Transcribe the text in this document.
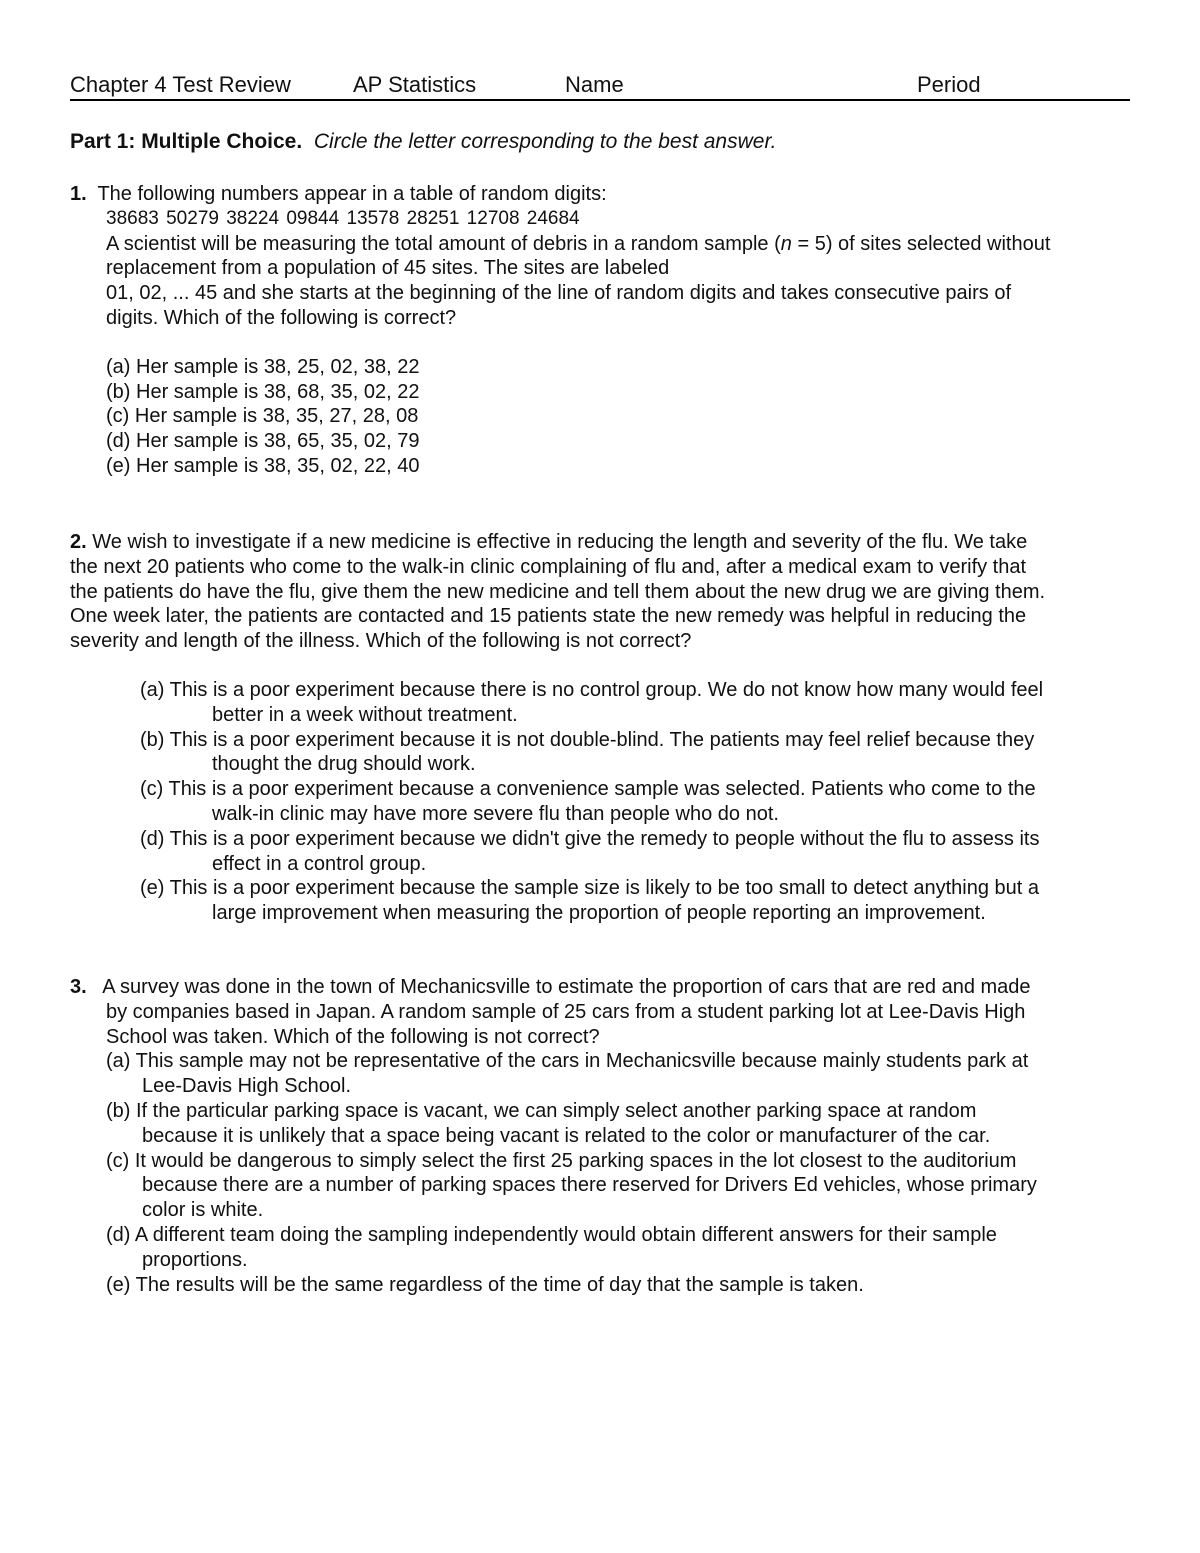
Chapter 4 Test Review	AP Statistics	Name	Period
Part 1: Multiple Choice. Circle the letter corresponding to the best answer.
1. The following numbers appear in a table of random digits:
38683 50279 38224 09844 13578 28251 12708 24684
A scientist will be measuring the total amount of debris in a random sample (n = 5) of sites selected without
replacement from a population of 45 sites. The sites are labeled
01, 02, ... 45 and she starts at the beginning of the line of random digits and takes consecutive pairs of
digits. Which of the following is correct?
(a) Her sample is 38, 25, 02, 38, 22
(b) Her sample is 38, 68, 35, 02, 22
(c) Her sample is 38, 35, 27, 28, 08
(d) Her sample is 38, 65, 35, 02, 79
(e) Her sample is 38, 35, 02, 22, 40
2. We wish to investigate if a new medicine is effective in reducing the length and severity of the flu. We take
the next 20 patients who come to the walk-in clinic complaining of flu and, after a medical exam to verify that
the patients do have the flu, give them the new medicine and tell them about the new drug we are giving them.
One week later, the patients are contacted and 15 patients state the new remedy was helpful in reducing the
severity and length of the illness. Which of the following is not correct?
(a) This is a poor experiment because there is no control group. We do not know how many would feel
better in a week without treatment.
(b) This is a poor experiment because it is not double-blind. The patients may feel relief because they
thought the drug should work.
(c) This is a poor experiment because a convenience sample was selected. Patients who come to the
walk-in clinic may have more severe flu than people who do not.
(d) This is a poor experiment because we didn't give the remedy to people without the flu to assess its
effect in a control group.
(e) This is a poor experiment because the sample size is likely to be too small to detect anything but a
large improvement when measuring the proportion of people reporting an improvement.
3. A survey was done in the town of Mechanicsville to estimate the proportion of cars that are red and made
by companies based in Japan. A random sample of 25 cars from a student parking lot at Lee-Davis High
School was taken. Which of the following is not correct?
(a) This sample may not be representative of the cars in Mechanicsville because mainly students park at
Lee-Davis High School.
(b) If the particular parking space is vacant, we can simply select another parking space at random
because it is unlikely that a space being vacant is related to the color or manufacturer of the car.
(c) It would be dangerous to simply select the first 25 parking spaces in the lot closest to the auditorium
because there are a number of parking spaces there reserved for Drivers Ed vehicles, whose primary
color is white.
(d) A different team doing the sampling independently would obtain different answers for their sample
proportions.
(e) The results will be the same regardless of the time of day that the sample is taken.
